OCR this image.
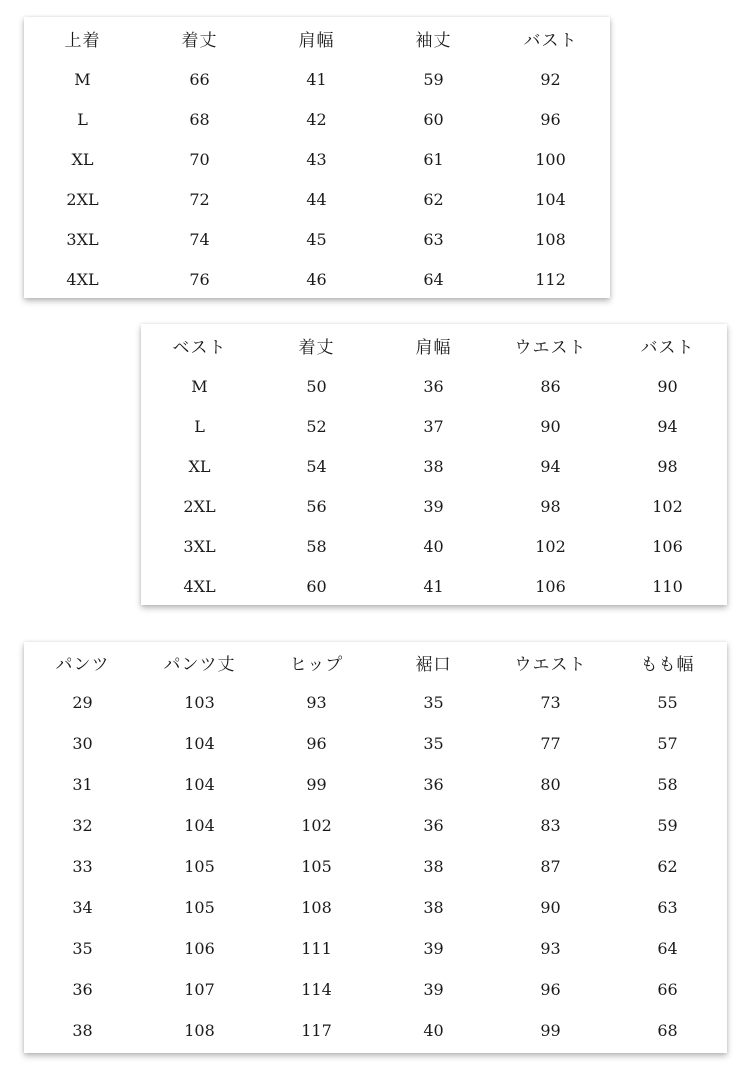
上着	着丈	肩幅	袖丈	バスト
M	66	41	59	92
L	68	42	60	96
XL	70	43	61	100
2XL	72	44	62	104
3XL	74	45	63	108
4XL	76	46	64	112
ベスト	着丈	肩幅	ウエスト	バスト
M	50	36	86	90
L	52	37	90	94
XL	54	38	94	98
2XL	56	39	98	102
3XL	58	40	102	106
4XL	60	41	106	110
パンツ	パンツ丈	ヒップ	裾口	ウエスト	もも幅
29	103	93	35	73	55
30	104	96	35	77	57
31	104	99	36	80	58
32	104	102	36	83	59
33	105	105	38	87	62
34	105	108	38	90	63
35	106	111	39	93	64
36	107	114	39	96	66
38	108	117	40	99	68
